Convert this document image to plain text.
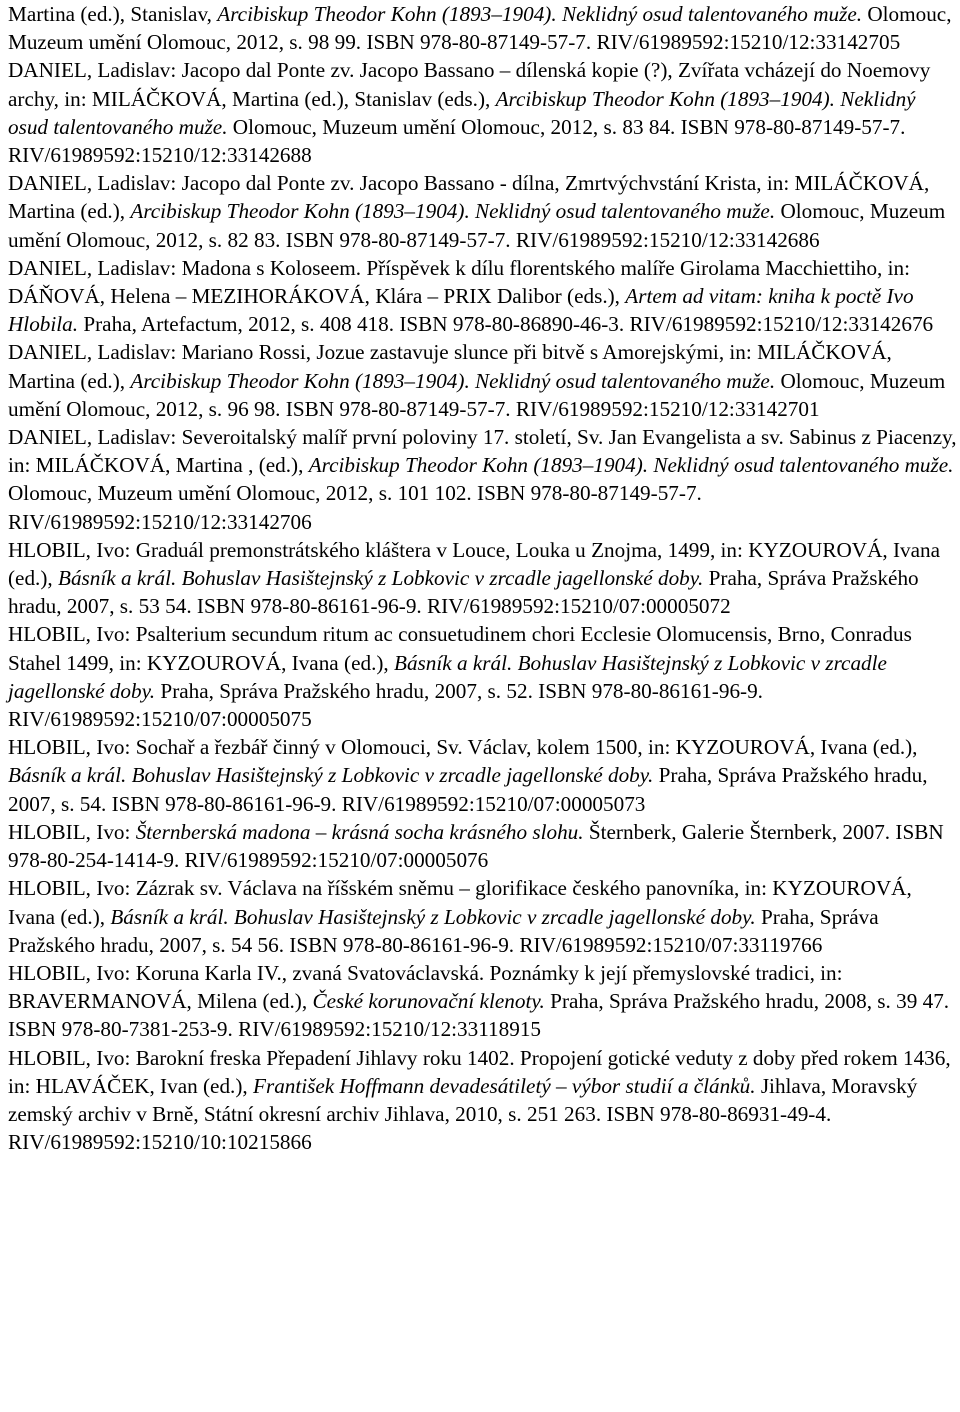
Martina (ed.), Stanislav, Arcibiskup Theodor Kohn (1893–1904). Neklidný osud talentovaného muže. Olomouc, Muzeum umění Olomouc, 2012, s. 98 99. ISBN 978-80-87149-57-7. RIV/61989592:15210/12:33142705

DANIEL, Ladislav: Jacopo dal Ponte zv. Jacopo Bassano – dílenská kopie (?), Zvířata vcházejí do Noemovy archy, in: MILÁČKOVÁ, Martina (ed.), Stanislav (eds.), Arcibiskup Theodor Kohn (1893–1904). Neklidný osud talentovaného muže. Olomouc, Muzeum umění Olomouc, 2012, s. 83 84. ISBN 978-80-87149-57-7. RIV/61989592:15210/12:33142688

DANIEL, Ladislav: Jacopo dal Ponte zv. Jacopo Bassano - dílna, Zmrtvýchvstání Krista, in: MILÁČKOVÁ, Martina (ed.), Arcibiskup Theodor Kohn (1893–1904). Neklidný osud talentovaného muže. Olomouc, Muzeum umění Olomouc, 2012, s. 82 83. ISBN 978-80-87149-57-7. RIV/61989592:15210/12:33142686

DANIEL, Ladislav: Madona s Koloseem. Příspěvek k dílu florentského malíře Girolama Macchiettiho, in: DÁŇOVÁ, Helena – MEZIHORÁKOVÁ, Klára – PRIX Dalibor (eds.), Artem ad vitam: kniha k poctě Ivo Hlobila. Praha, Artefactum, 2012, s. 408 418. ISBN 978-80-86890-46-3. RIV/61989592:15210/12:33142676

DANIEL, Ladislav: Mariano Rossi, Jozue zastavuje slunce při bitvě s Amorejskými, in: MILÁČKOVÁ, Martina (ed.), Arcibiskup Theodor Kohn (1893–1904). Neklidný osud talentovaného muže. Olomouc, Muzeum umění Olomouc, 2012, s. 96 98. ISBN 978-80-87149-57-7. RIV/61989592:15210/12:33142701

DANIEL, Ladislav: Severoitalský malíř první poloviny 17. století, Sv. Jan Evangelista a sv. Sabinus z Piacenzy, in: MILÁČKOVÁ, Martina , (ed.), Arcibiskup Theodor Kohn (1893–1904). Neklidný osud talentovaného muže. Olomouc, Muzeum umění Olomouc, 2012, s. 101 102. ISBN 978-80-87149-57-7. RIV/61989592:15210/12:33142706

HLOBIL, Ivo: Graduál premonstrátského kláštera v Louce, Louka u Znojma, 1499, in: KYZOUROVÁ, Ivana (ed.), Básník a král. Bohuslav Hasištejnský z Lobkovic v zrcadle jagellonské doby. Praha, Správa Pražského hradu, 2007, s. 53 54. ISBN 978-80-86161-96-9. RIV/61989592:15210/07:00005072

HLOBIL, Ivo: Psalterium secundum ritum ac consuetudinem chori Ecclesie Olomucensis, Brno, Conradus Stahel 1499, in: KYZOUROVÁ, Ivana (ed.), Básník a král. Bohuslav Hasištejnský z Lobkovic v zrcadle jagellonské doby. Praha, Správa Pražského hradu, 2007, s. 52. ISBN 978-80-86161-96-9. RIV/61989592:15210/07:00005075

HLOBIL, Ivo: Sochař a řezbář činný v Olomouci, Sv. Václav, kolem 1500, in: KYZOUROVÁ, Ivana (ed.), Básník a král. Bohuslav Hasištejnský z Lobkovic v zrcadle jagellonské doby. Praha, Správa Pražského hradu, 2007, s. 54. ISBN 978-80-86161-96-9. RIV/61989592:15210/07:00005073

HLOBIL, Ivo: Šternberská madona – krásná socha krásného slohu. Šternberk, Galerie Šternberk, 2007. ISBN 978-80-254-1414-9. RIV/61989592:15210/07:00005076

HLOBIL, Ivo: Zázrak sv. Václava na říšském sněmu – glorifikace českého panovníka, in: KYZOUROVÁ, Ivana (ed.), Básník a král. Bohuslav Hasištejnský z Lobkovic v zrcadle jagellonské doby. Praha, Správa Pražského hradu, 2007, s. 54 56. ISBN 978-80-86161-96-9. RIV/61989592:15210/07:33119766

HLOBIL, Ivo: Koruna Karla IV., zvaná Svatováclavská. Poznámky k její přemyslovské tradici, in: BRAVERMANOVÁ, Milena (ed.), České korunovační klenoty. Praha, Správa Pražského hradu, 2008, s. 39 47. ISBN 978-80-7381-253-9. RIV/61989592:15210/12:33118915

HLOBIL, Ivo: Barokní freska Přepadení Jihlavy roku 1402. Propojení gotické veduty z doby před rokem 1436, in: HLAVÁČEK, Ivan (ed.), František Hoffmann devadesátiletý – výbor studií a článků. Jihlava, Moravský zemský archiv v Brně, Státní okresní archiv Jihlava, 2010, s. 251 263. ISBN 978-80-86931-49-4. RIV/61989592:15210/10:10215866
